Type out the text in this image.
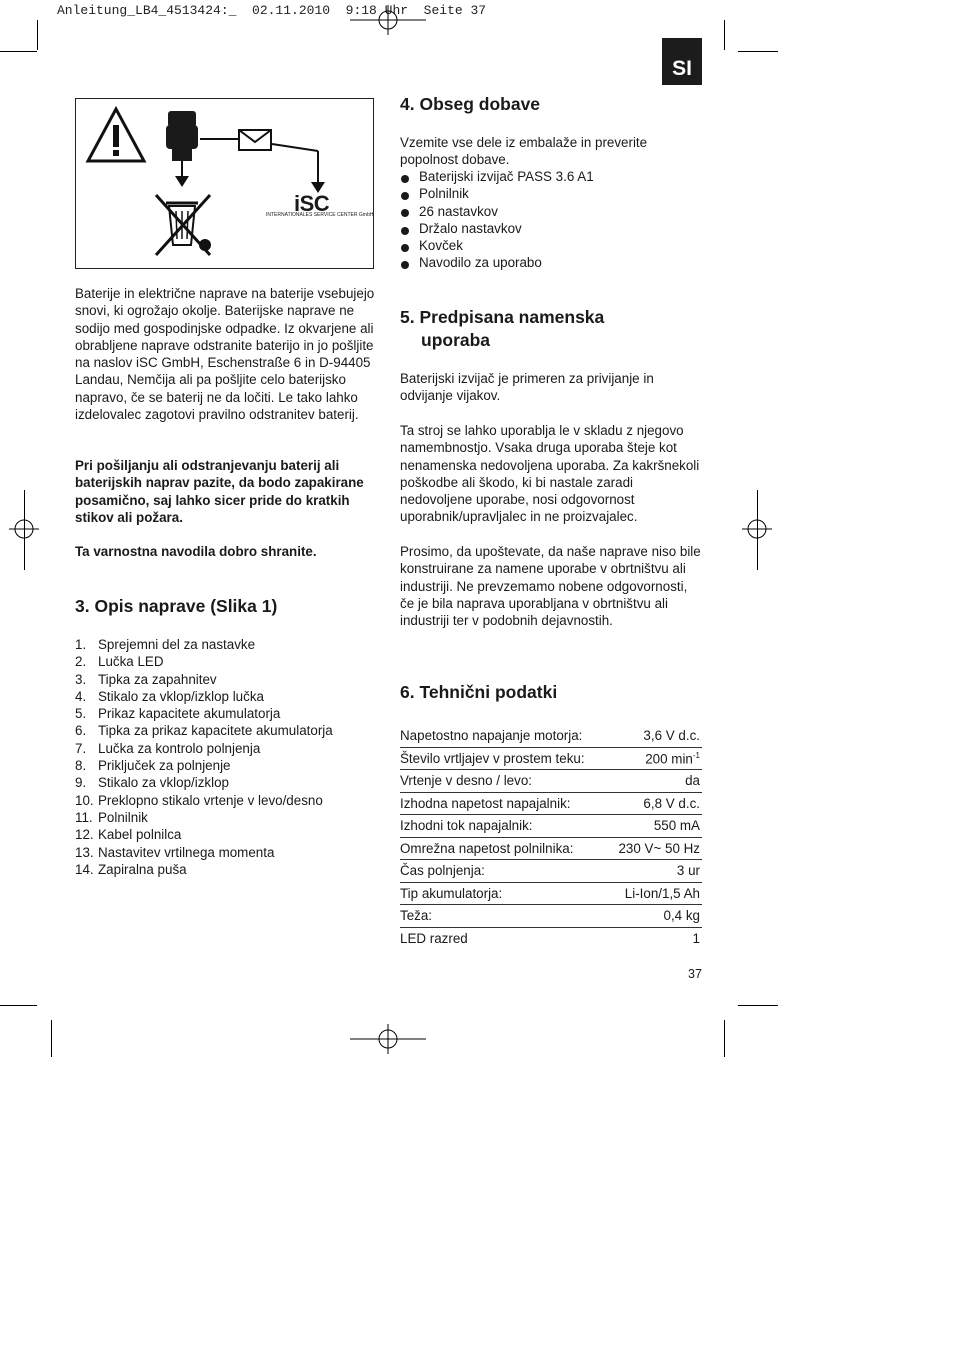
Anleitung_LB4_4513424:_  02.11.2010  9:18 Uhr  Seite 37
SI
iSC
INTERNATIONALES SERVICE CENTER GmbH
Baterije in električne naprave na baterije vsebujejo snovi, ki ogrožajo okolje. Baterijske naprave ne sodijo med gospodinjske odpadke. Iz okvarjene ali obrabljene naprave odstranite baterijo in jo pošljite na naslov iSC GmbH, Eschenstraße 6 in D-94405 Landau, Nemčija ali pa pošljite celo baterijsko napravo, če se baterij ne da ločiti. Le tako lahko izdelovalec zagotovi pravilno odstranitev baterij.
Pri pošiljanju ali odstranjevanju baterij ali baterijskih naprav pazite, da bodo zapakirane posamično, saj lahko sicer pride do kratkih stikov ali požara.
Ta varnostna navodila dobro shranite.
3. Opis naprave (Slika 1)
1. Sprejemni del za nastavke
2. Lučka LED
3. Tipka za zapahnitev
4. Stikalo za vklop/izklop lučka
5. Prikaz kapacitete akumulatorja
6. Tipka za prikaz kapacitete akumulatorja
7. Lučka za kontrolo polnjenja
8. Priključek za polnjenje
9. Stikalo za vklop/izklop
10. Preklopno stikalo vrtenje v levo/desno
11. Polnilnik
12. Kabel polnilca
13. Nastavitev vrtilnega momenta
14. Zapiralna puša
4. Obseg dobave
Vzemite vse dele iz embalaže in preverite popolnost dobave.
Baterijski izvijač PASS 3.6 A1
Polnilnik
26 nastavkov
Držalo nastavkov
Kovček
Navodilo za uporabo
5. Predpisana namenska
uporaba
Baterijski izvijač je primeren za privijanje in odvijanje vijakov.
Ta stroj se lahko uporablja le v skladu z njegovo namembnostjo. Vsaka druga uporaba šteje kot nenamenska nedovoljena uporaba. Za kakršnekoli poškodbe ali škodo, ki bi nastale zaradi nedovoljene uporabe, nosi odgovornost uporabnik/upravljalec in ne proizvajalec.
Prosimo, da upoštevate, da naše naprave niso bile konstruirane za namene uporabe v obrtništvu ali industriji. Ne prevzemamo nobene odgovornosti, če je bila naprava uporabljana v obrtništvu ali industriji ter v podobnih dejavnostih.
6. Tehnični podatki
Napetostno napajanje motorja:	3,6 V d.c.
Število vrtljajev v prostem teku:	200 $\min^{-1}$
Vrtenje v desno / levo:	da
Izhodna napetost napajalnik:	6,8 V d.c.
Izhodni tok napajalnik:	550 mA
Omrežna napetost polnilnika:	230 V~ 50 Hz
Čas polnjenja:	3 ur
Tip akumulatorja:	Li-Ion/1,5 Ah
Teža:	0,4 kg
LED razred	1
37
